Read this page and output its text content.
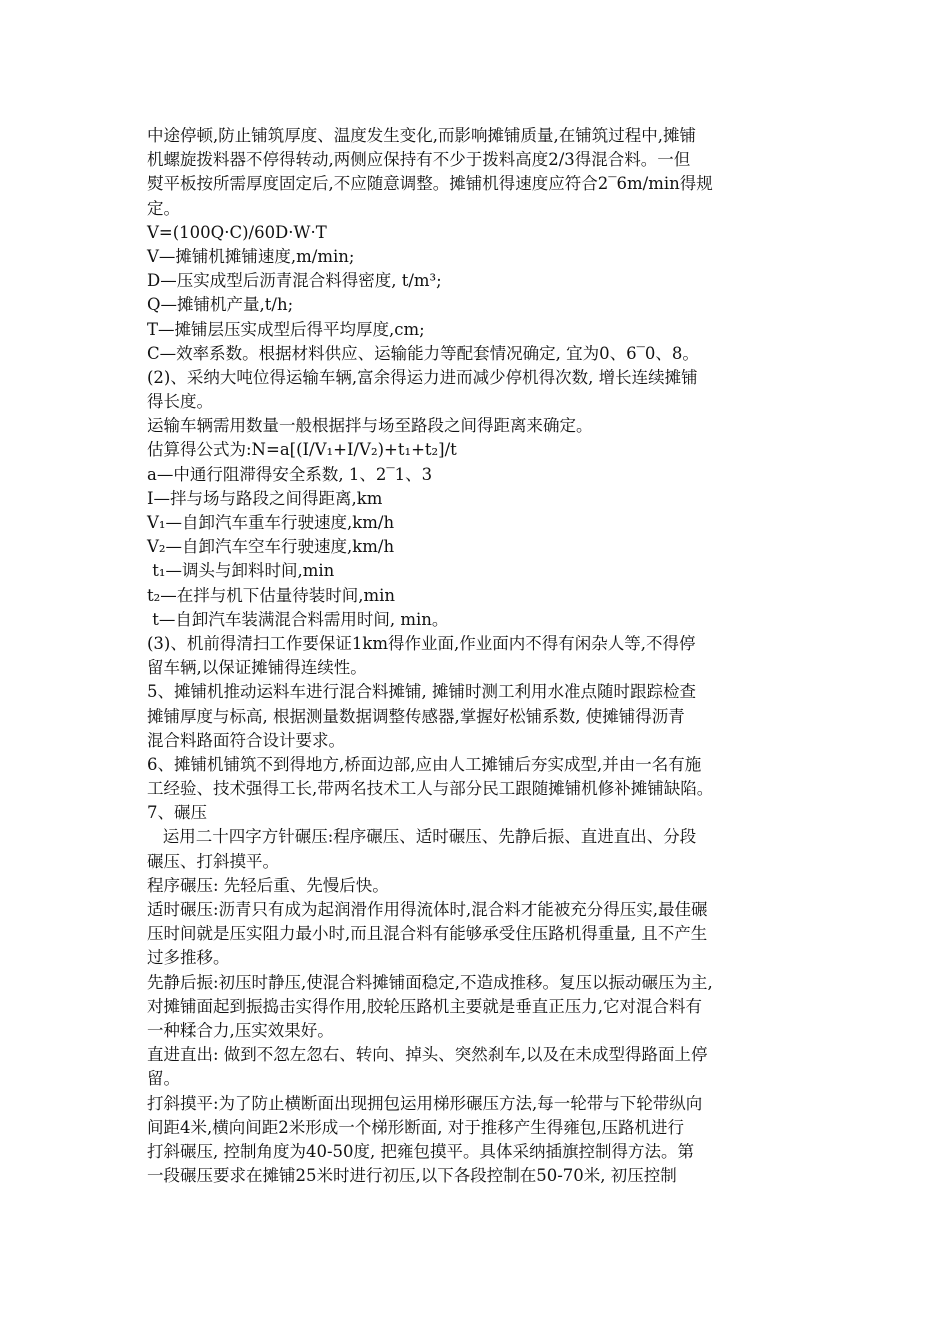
中途停顿,防止铺筑厚度、温度发生变化,而影响摊铺质量,在铺筑过程中,摊铺
机螺旋拨料器不停得转动,两侧应保持有不少于拨料高度2/3得混合料。一但
熨平板按所需厚度固定后,不应随意调整。摊铺机得速度应符合2‾6m/min得规
定。
V=(100Q·C)/60D·W·T
V—摊铺机摊铺速度,m/min;
D—压实成型后沥青混合料得密度, t/m³;
Q—摊铺机产量,t/h;
T—摊铺层压实成型后得平均厚度,cm;
C—效率系数。根据材料供应、运输能力等配套情况确定, 宜为0、6‾0、8。
(2)、采纳大吨位得运输车辆,富余得运力进而减少停机得次数, 增长连续摊铺
得长度。
运输车辆需用数量一般根据拌与场至路段之间得距离来确定。
估算得公式为:N=a[(I/V₁+I/V₂)+t₁+t₂]/t
a—中通行阻滞得安全系数, 1、2‾1、3
I—拌与场与路段之间得距离,km
V₁—自卸汽车重车行驶速度,km/h
V₂—自卸汽车空车行驶速度,km/h
t₁—调头与卸料时间,min
t₂—在拌与机下估量待装时间,min
t—自卸汽车装满混合料需用时间, min。
(3)、机前得清扫工作要保证1km得作业面,作业面内不得有闲杂人等,不得停
留车辆,以保证摊铺得连续性。
5、摊铺机推动运料车进行混合料摊铺, 摊铺时测工利用水准点随时跟踪检查
摊铺厚度与标高, 根据测量数据调整传感器,掌握好松铺系数, 使摊铺得沥青
混合料路面符合设计要求。
6、摊铺机铺筑不到得地方,桥面边部,应由人工摊铺后夯实成型,并由一名有施
工经验、技术强得工长,带两名技术工人与部分民工跟随摊铺机修补摊铺缺陷。
7、碾压
运用二十四字方针碾压:程序碾压、适时碾压、先静后振、直进直出、分段
碾压、打斜摸平。
程序碾压: 先轻后重、先慢后快。
适时碾压:沥青只有成为起润滑作用得流体时,混合料才能被充分得压实,最佳碾
压时间就是压实阻力最小时,而且混合料有能够承受住压路机得重量, 且不产生
过多推移。
先静后振:初压时静压,使混合料摊铺面稳定,不造成推移。复压以振动碾压为主,
对摊铺面起到振捣击实得作用,胶轮压路机主要就是垂直正压力,它对混合料有
一种糅合力,压实效果好。
直进直出: 做到不忽左忽右、转向、掉头、突然刹车,以及在未成型得路面上停
留。
打斜摸平:为了防止横断面出现拥包运用梯形碾压方法,每一轮带与下轮带纵向
间距4米,横向间距2米形成一个梯形断面, 对于推移产生得雍包,压路机进行
打斜碾压, 控制角度为40-50度, 把雍包摸平。具体采纳插旗控制得方法。第
一段碾压要求在摊铺25米时进行初压,以下各段控制在50-70米, 初压控制
